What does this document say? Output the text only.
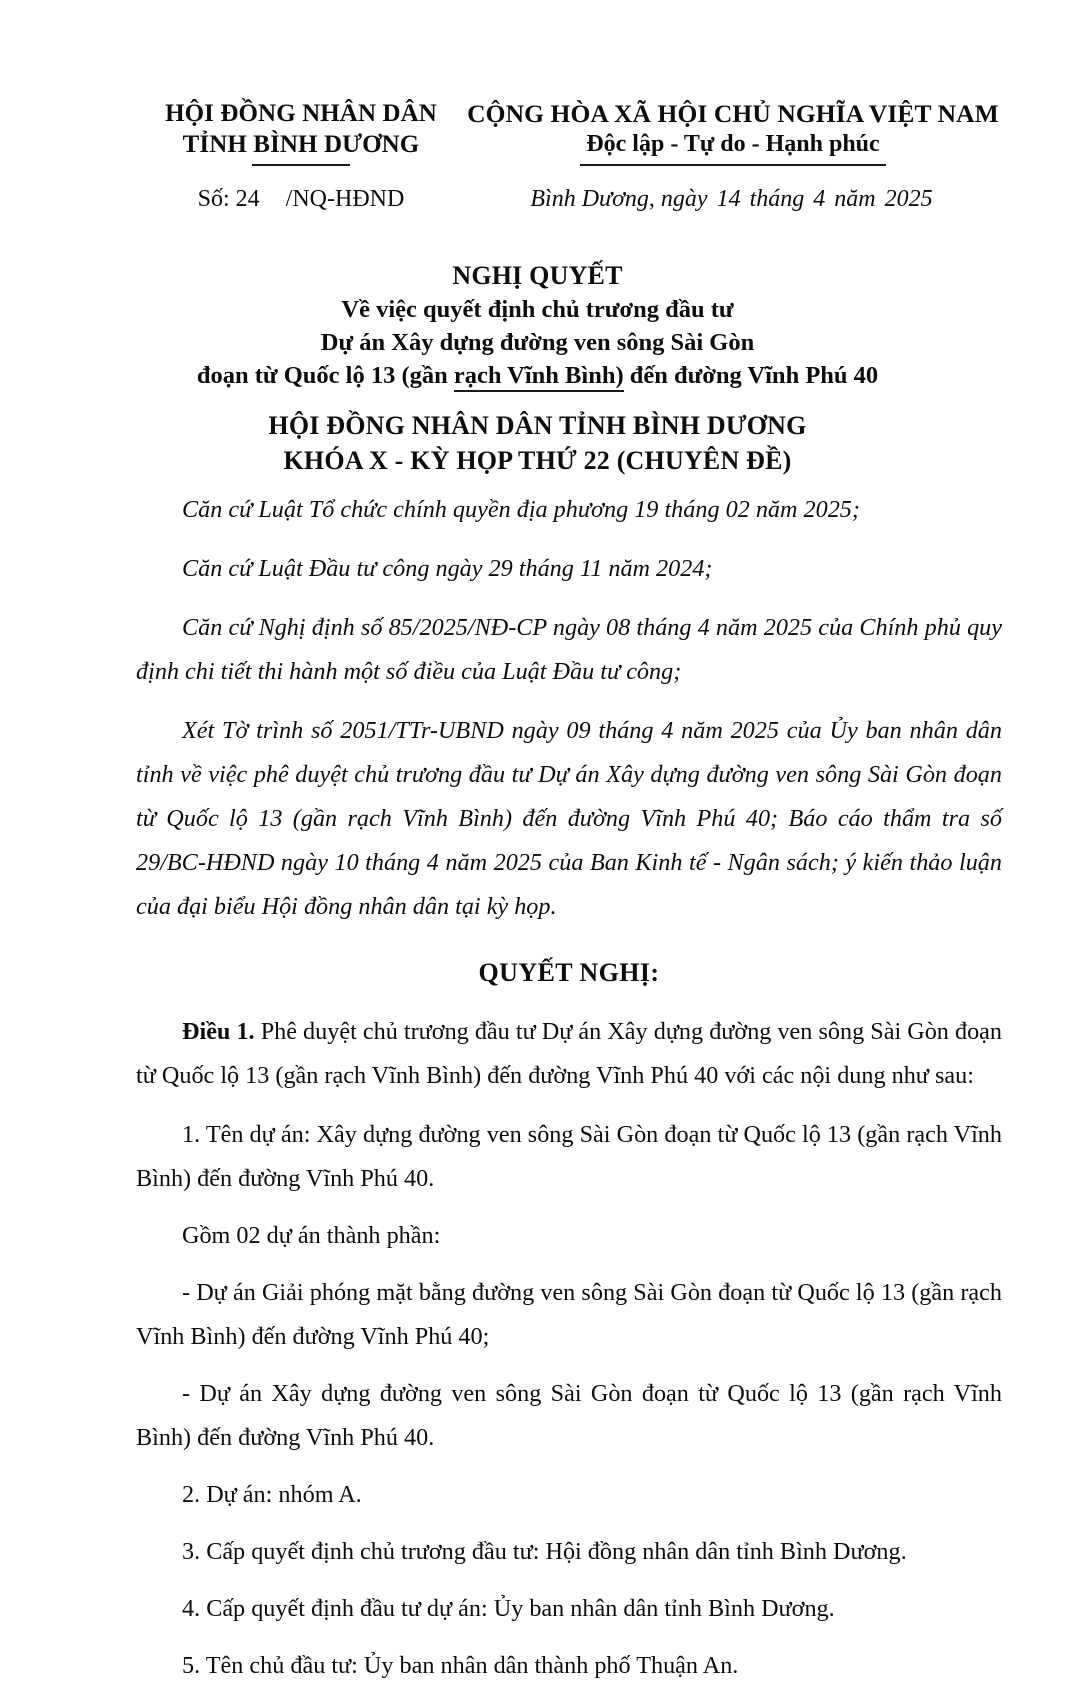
HỘI ĐỒNG NHÂN DÂN
TỈNH BÌNH DƯƠNG
CỘNG HÒA XÃ HỘI CHỦ NGHĨA VIỆT NAM
Độc lập - Tự do - Hạnh phúc
Số: 24 /NQ-HĐND	Bình Dương, ngày 14 tháng 4 năm 2025
NGHỊ QUYẾT
Về việc quyết định chủ trương đầu tư
Dự án Xây dựng đường ven sông Sài Gòn
đoạn từ Quốc lộ 13 (gần rạch Vĩnh Bình) đến đường Vĩnh Phú 40
HỘI ĐỒNG NHÂN DÂN TỈNH BÌNH DƯƠNG
KHÓA X - KỲ HỌP THỨ 22 (CHUYÊN ĐỀ)

Căn cứ Luật Tổ chức chính quyền địa phương 19 tháng 02 năm 2025;

Căn cứ Luật Đầu tư công ngày 29 tháng 11 năm 2024;

Căn cứ Nghị định số 85/2025/NĐ-CP ngày 08 tháng 4 năm 2025 của Chính phủ quy định chi tiết thi hành một số điều của Luật Đầu tư công;

Xét Tờ trình số 2051/TTr-UBND ngày 09 tháng 4 năm 2025 của Ủy ban nhân dân tỉnh về việc phê duyệt chủ trương đầu tư Dự án Xây dựng đường ven sông Sài Gòn đoạn từ Quốc lộ 13 (gần rạch Vĩnh Bình) đến đường Vĩnh Phú 40; Báo cáo thẩm tra số 29/BC-HĐND ngày 10 tháng 4 năm 2025 của Ban Kinh tế - Ngân sách; ý kiến thảo luận của đại biểu Hội đồng nhân dân tại kỳ họp.

QUYẾT NGHỊ:

Điều 1. Phê duyệt chủ trương đầu tư Dự án Xây dựng đường ven sông Sài Gòn đoạn từ Quốc lộ 13 (gần rạch Vĩnh Bình) đến đường Vĩnh Phú 40 với các nội dung như sau:

1. Tên dự án: Xây dựng đường ven sông Sài Gòn đoạn từ Quốc lộ 13 (gần rạch Vĩnh Bình) đến đường Vĩnh Phú 40.

Gồm 02 dự án thành phần:

- Dự án Giải phóng mặt bằng đường ven sông Sài Gòn đoạn từ Quốc lộ 13 (gần rạch Vĩnh Bình) đến đường Vĩnh Phú 40;

- Dự án Xây dựng đường ven sông Sài Gòn đoạn từ Quốc lộ 13 (gần rạch Vĩnh Bình) đến đường Vĩnh Phú 40.

2. Dự án: nhóm A.

3. Cấp quyết định chủ trương đầu tư: Hội đồng nhân dân tỉnh Bình Dương.

4. Cấp quyết định đầu tư dự án: Ủy ban nhân dân tỉnh Bình Dương.

5. Tên chủ đầu tư: Ủy ban nhân dân thành phố Thuận An.
